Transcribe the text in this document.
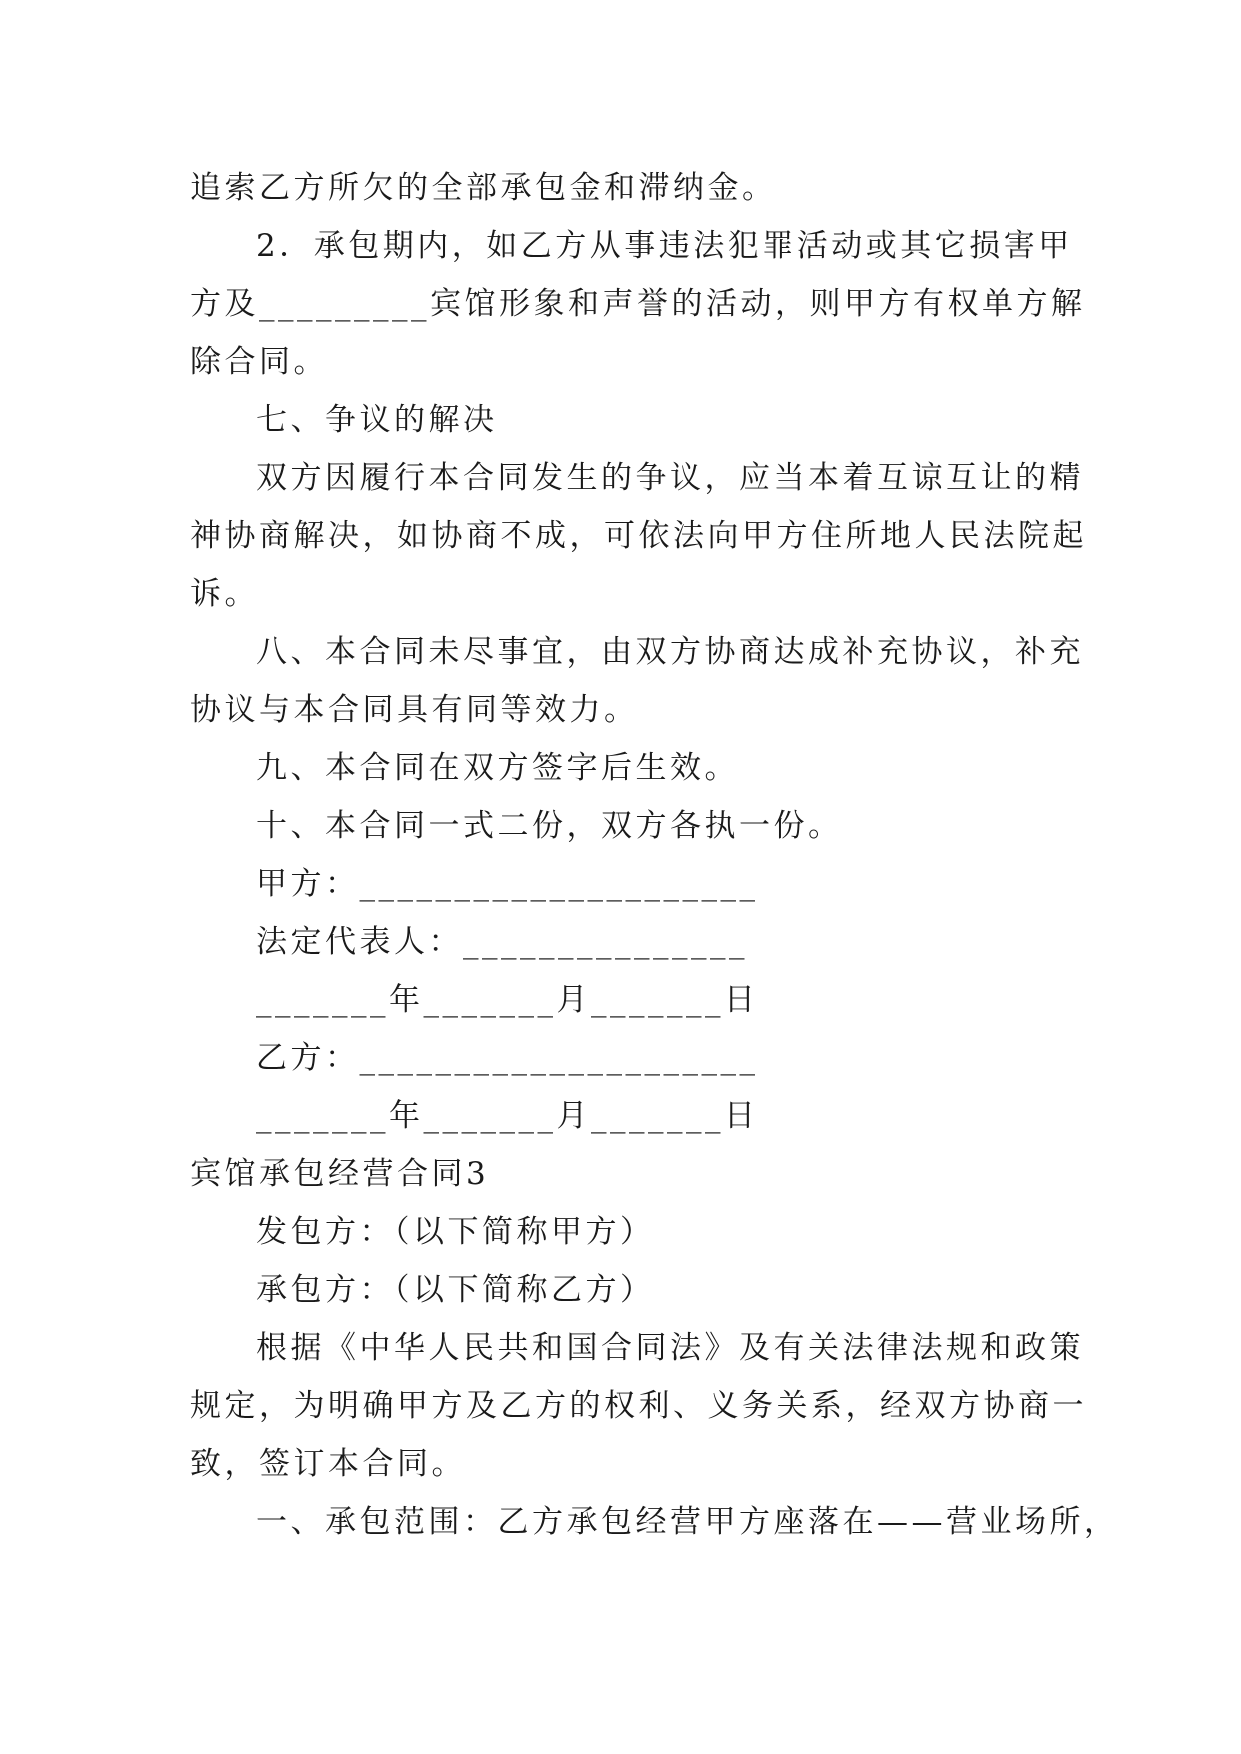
追索乙方所欠的全部承包金和滞纳金。
2．承包期内，如乙方从事违法犯罪活动或其它损害甲
方及_________宾馆形象和声誉的活动，则甲方有权单方解
除合同。
七、争议的解决
双方因履行本合同发生的争议，应当本着互谅互让的精
神协商解决，如协商不成，可依法向甲方住所地人民法院起
诉。
八、本合同未尽事宜，由双方协商达成补充协议，补充
协议与本合同具有同等效力。
九、本合同在双方签字后生效。
十、本合同一式二份，双方各执一份。
甲方：_____________________
法定代表人：_______________
_______年_______月_______日
乙方：_____________________
_______年_______月_______日
宾馆承包经营合同3
发包方：（以下简称甲方）
承包方：（以下简称乙方）
根据《中华人民共和国合同法》及有关法律法规和政策
规定，为明确甲方及乙方的权利、义务关系，经双方协商一
致，签订本合同。
一、承包范围：乙方承包经营甲方座落在——营业场所，
